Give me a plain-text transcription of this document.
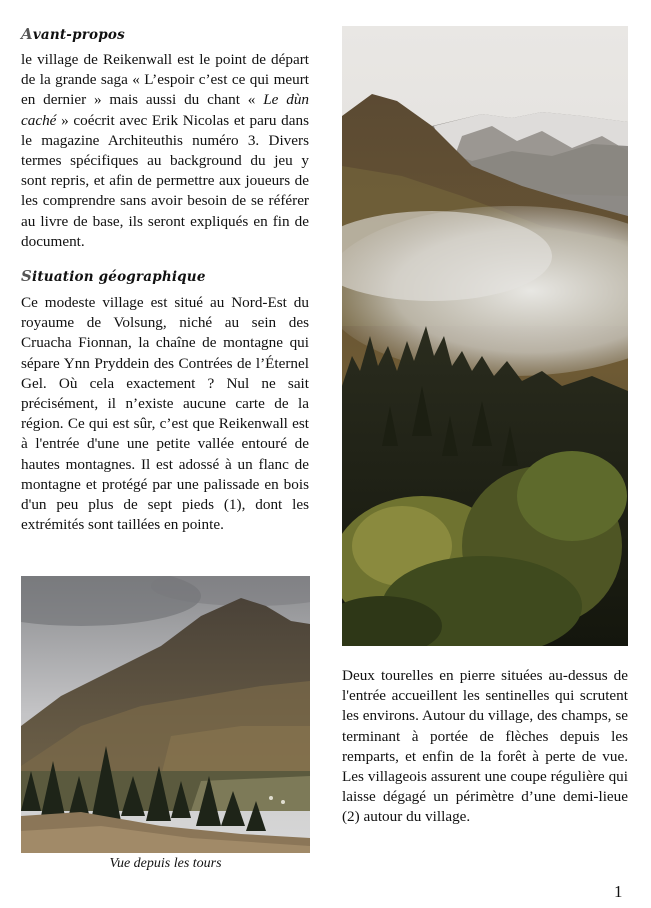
Avant-propos
le village de Reikenwall est le point de départ de la grande saga « L’espoir c’est ce qui meurt en dernier » mais aussi du chant « Le dùn caché » coécrit avec Erik Nicolas et paru dans le magazine Architeuthis numéro 3. Divers termes spécifiques au background du jeu y sont repris, et afin de permettre aux joueurs de les comprendre sans avoir besoin de se référer au livre de base, ils seront expliqués en fin de document.
Situation géographique
Ce modeste village est situé au Nord-Est du royaume de Volsung, niché au sein des Cruacha Fionnan, la chaîne de montagne qui sépare Ynn Pryddein des Contrées de l’Éternel Gel. Où cela exactement ? Nul ne sait précisément, il n’existe aucune carte de la région. Ce qui est sûr, c’est que Reikenwall est à l'entrée d'une une petite vallée entouré de hautes montagnes. Il est adossé à un flanc de montagne et protégé par une palissade en bois d'un peu plus de sept pieds (1), dont les extrémités sont taillées en pointe.
Vue depuis les tours
Deux tourelles en pierre situées au-dessus de l'entrée accueillent les sentinelles qui scrutent les environs. Autour du village, des champs, se terminant à portée de flèches depuis les remparts, et enfin de la forêt à perte de vue. Les villageois assurent une coupe régulière qui laisse dégagé un périmètre d’une demi-lieue (2) autour du village.
1
